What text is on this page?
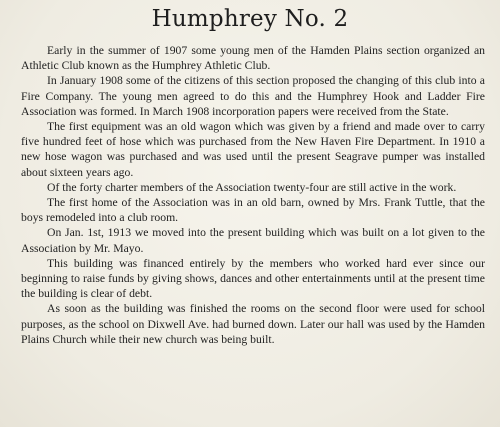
Humphrey No. 2

Early in the summer of 1907 some young men of the Hamden Plains section organized an Athletic Club known as the Humphrey Athletic Club.

In January 1908 some of the citizens of this section proposed the changing of this club into a Fire Company. The young men agreed to do this and the Humphrey Hook and Ladder Fire Association was formed. In March 1908 incorporation papers were received from the State.

The first equipment was an old wagon which was given by a friend and made over to carry five hundred feet of hose which was purchased from the New Haven Fire Department. In 1910 a new hose wagon was purchased and was used until the present Seagrave pumper was installed about sixteen years ago.

Of the forty charter members of the Association twenty-four are still active in the work.

The first home of the Association was in an old barn, owned by Mrs. Frank Tuttle, that the boys remodeled into a club room.

On Jan. 1st, 1913 we moved into the present building which was built on a lot given to the Association by Mr. Mayo.

This building was financed entirely by the members who worked hard ever since our beginning to raise funds by giving shows, dances and other entertainments until at the present time the building is clear of debt.

As soon as the building was finished the rooms on the second floor were used for school purposes, as the school on Dixwell Ave. had burned down. Later our hall was used by the Hamden Plains Church while their new church was being built.
